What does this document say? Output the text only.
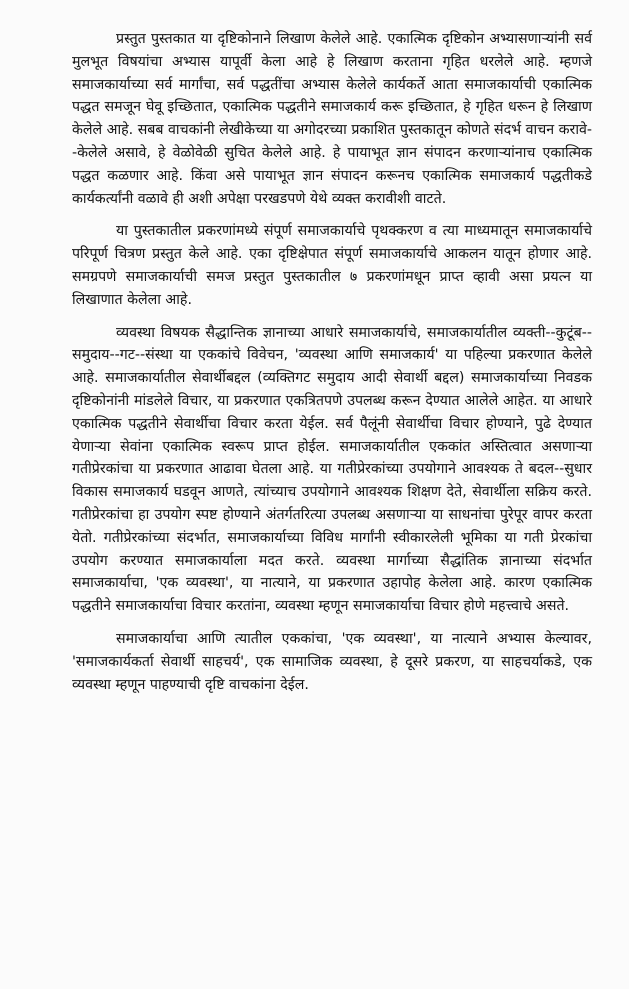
प्रस्तुत पुस्तकात या दृष्टिकोनाने लिखाण केलेले आहे. एकात्मिक दृष्टिकोन अभ्यासणाऱ्यांनी सर्व मुलभूत विषयांचा अभ्यास यापूर्वी केला आहे हे लिखाण करताना गृहित धरलेले आहे. म्हणजे समाजकार्याच्या सर्व मार्गांचा, सर्व पद्धतींचा अभ्यास केलेले कार्यकर्ते आता समाजकार्याची एकात्मिक पद्धत समजून घेवू इच्छितात, एकात्मिक पद्धतीने समाजकार्य करू इच्छितात, हे गृहित धरून हे लिखाण केलेले आहे. सबब वाचकांनी लेखीकेच्या या अगोदरच्या प्रकाशित पुस्तकातून कोणते संदर्भ वाचन करावे--केलेले असावे, हे वेळोवेळी सुचित केलेले आहे. हे पायाभूत ज्ञान संपादन करणाऱ्यांनाच एकात्मिक पद्धत कळणार आहे. किंवा असे पायाभूत ज्ञान संपादन करूनच एकात्मिक समाजकार्य पद्धतीकडे कार्यकर्त्यांनी वळावे ही अशी अपेक्षा परखडपणे येथे व्यक्त करावीशी वाटते.

या पुस्तकातील प्रकरणांमध्ये संपूर्ण समाजकार्याचे पृथक्करण व त्या माध्यमातून समाजकार्याचे परिपूर्ण चित्रण प्रस्तुत केले आहे. एका दृष्टिक्षेपात संपूर्ण समाजकार्याचे आकलन यातून होणार आहे. समग्रपणे समाजकार्याची समज प्रस्तुत पुस्तकातील ७ प्रकरणांमधून प्राप्त व्हावी असा प्रयत्न या लिखाणात केलेला आहे.

व्यवस्था विषयक सैद्धान्तिक ज्ञानाच्या आधारे समाजकार्याचे, समाजकार्यातील व्यक्ती--कुटूंब--समुदाय--गट--संस्था या एककांचे विवेचन, 'व्यवस्था आणि समाजकार्य' या पहिल्या प्रकरणात केलेले आहे. समाजकार्यातील सेवार्थीबद्दल (व्यक्तिगट समुदाय आदी सेवार्थी बद्दल) समाजकार्याच्या निवडक दृष्टिकोनांनी मांडलेले विचार, या प्रकरणात एकत्रितपणे उपलब्ध करून देण्यात आलेले आहेत. या आधारे एकात्मिक पद्धतीने सेवार्थीचा विचार करता येईल. सर्व पैलूंनी सेवार्थीचा विचार होण्याने, पुढे देण्यात येणाऱ्या सेवांना एकात्मिक स्वरूप प्राप्त होईल. समाजकार्यातील एककांत अस्तित्वात असणाऱ्या गतीप्रेरकांचा या प्रकरणात आढावा घेतला आहे. या गतीप्रेरकांच्या उपयोगाने आवश्यक ते बदल--सुधार विकास समाजकार्य घडवून आणते, त्यांच्याच उपयोगाने आवश्यक शिक्षण देते, सेवार्थीला सक्रिय करते. गतीप्रेरकांचा हा उपयोग स्पष्ट होण्याने अंतर्गतरित्या उपलब्ध असणाऱ्या या साधनांचा पुरेपूर वापर करता येतो. गतीप्रेरकांच्या संदर्भात, समाजकार्याच्या विविध मार्गांनी स्वीकारलेली भूमिका या गती प्रेरकांचा उपयोग करण्यात समाजकार्याला मदत करते. व्यवस्था मार्गाच्या सैद्धांतिक ज्ञानाच्या संदर्भात समाजकार्याचा, 'एक व्यवस्था', या नात्याने, या प्रकरणात उहापोह केलेला आहे. कारण एकात्मिक पद्धतीने समाजकार्याचा विचार करतांना, व्यवस्था म्हणून समाजकार्याचा विचार होणे महत्त्वाचे असते.

समाजकार्याचा आणि त्यातील एककांचा, 'एक व्यवस्था', या नात्याने अभ्यास केल्यावर, 'समाजकार्यकर्ता सेवार्थी साहचर्य', एक सामाजिक व्यवस्था, हे दूसरे प्रकरण, या साहचर्याकडे, एक व्यवस्था म्हणून पाहण्याची दृष्टि वाचकांना देईल.
